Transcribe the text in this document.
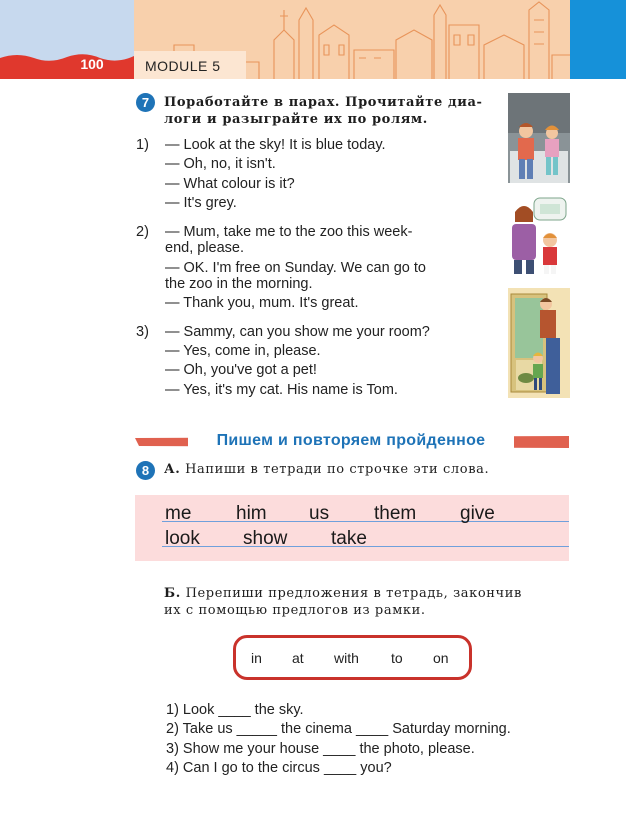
100	MODULE 5
7	Поработайте в парах. Прочитайте диа-
логи и разыграйте их по ролям.
1) — Look at the sky! It is blue today.
— Oh, no, it isn't.
— What colour is it?
— It's grey.
2) — Mum, take me to the zoo this week-
end, please.
— OK. I'm free on Sunday. We can go to
the zoo in the morning.
— Thank you, mum. It's great.
3) — Sammy, can you show me your room?
— Yes, come in, please.
— Oh, you've got a pet!
— Yes, it's my cat. His name is Tom.
Пишем и повторяем пройденное
8	А. Напиши в тетради по строчке эти слова.
me him us them give
look show take
Б. Перепиши предложения в тетрадь, закончив
их с помощью предлогов из рамки.
in at with to on
1) Look ____ the sky.
2) Take us _____ the cinema ____ Saturday morning.
3) Show me your house ____ the photo, please.
4) Can I go to the circus ____ you?
